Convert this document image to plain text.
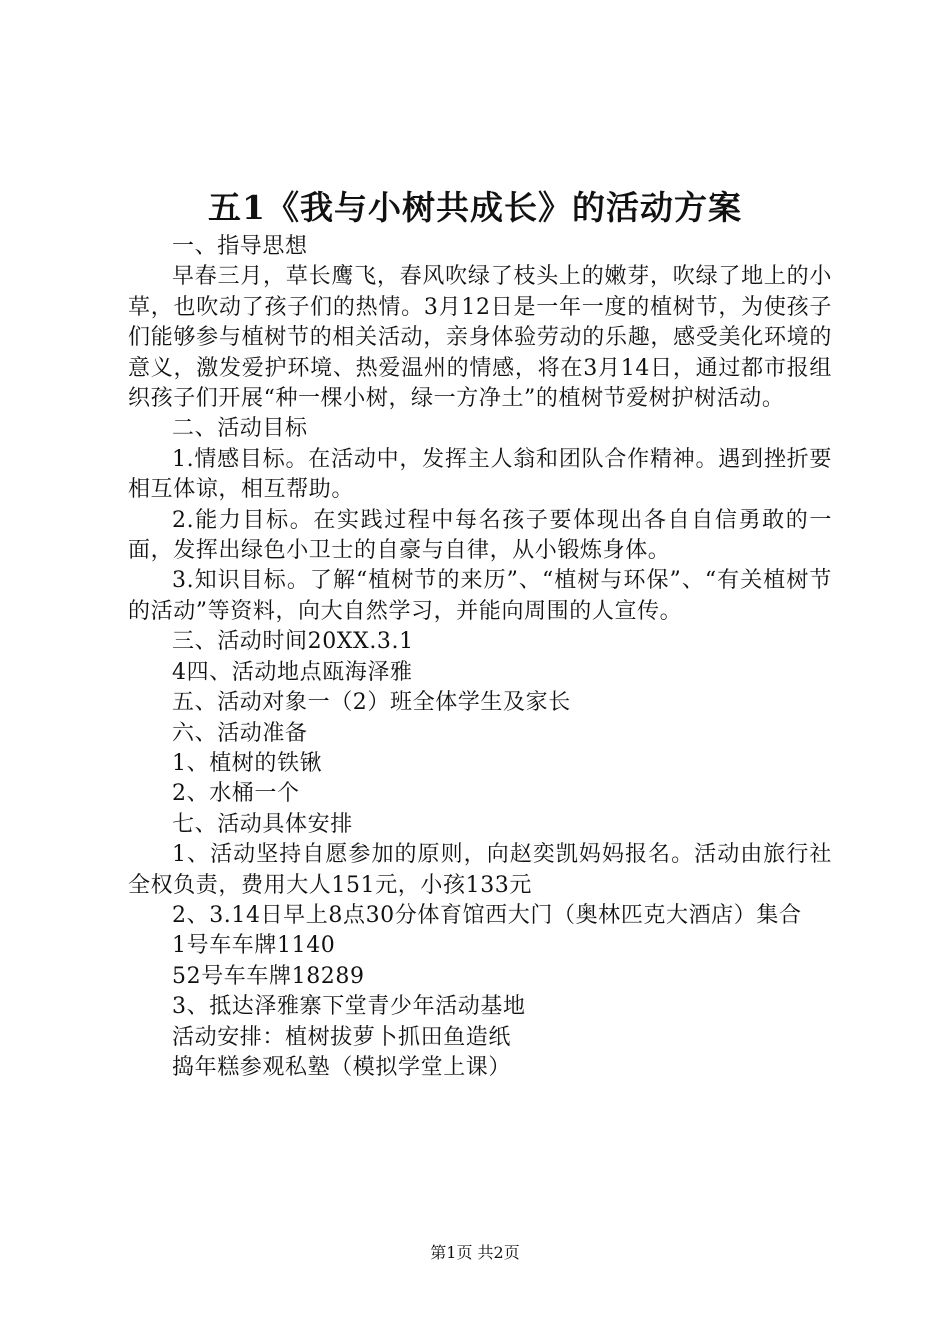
五1《我与小树共成长》的活动方案

一、指导思想

早春三月，草长鹰飞，春风吹绿了枝头上的嫩芽，吹绿了地上的小草，也吹动了孩子们的热情。3月12日是一年一度的植树节，为使孩子们能够参与植树节的相关活动，亲身体验劳动的乐趣，感受美化环境的意义，激发爱护环境、热爱温州的情感，将在3月14日，通过都市报组织孩子们开展“种一棵小树，绿一方净土”的植树节爱树护树活动。

二、活动目标

1.情感目标。在活动中，发挥主人翁和团队合作精神。遇到挫折要相互体谅，相互帮助。

2.能力目标。在实践过程中每名孩子要体现出各自自信勇敢的一面，发挥出绿色小卫士的自豪与自律，从小锻炼身体。

3.知识目标。了解“植树节的来历”、“植树与环保”、“有关植树节的活动”等资料，向大自然学习，并能向周围的人宣传。

三、活动时间20XX.3.1

4四、活动地点瓯海泽雅

五、活动对象一（2）班全体学生及家长

六、活动准备

1、植树的铁锹

2、水桶一个

七、活动具体安排

1、活动坚持自愿参加的原则，向赵奕凯妈妈报名。活动由旅行社全权负责，费用大人151元，小孩133元

2、3.14日早上8点30分体育馆西大门（奥林匹克大酒店）集合

1号车车牌1140

52号车车牌18289

3、抵达泽雅寨下堂青少年活动基地

活动安排：植树拔萝卜抓田鱼造纸

捣年糕参观私塾（模拟学堂上课）

第1页 共2页
